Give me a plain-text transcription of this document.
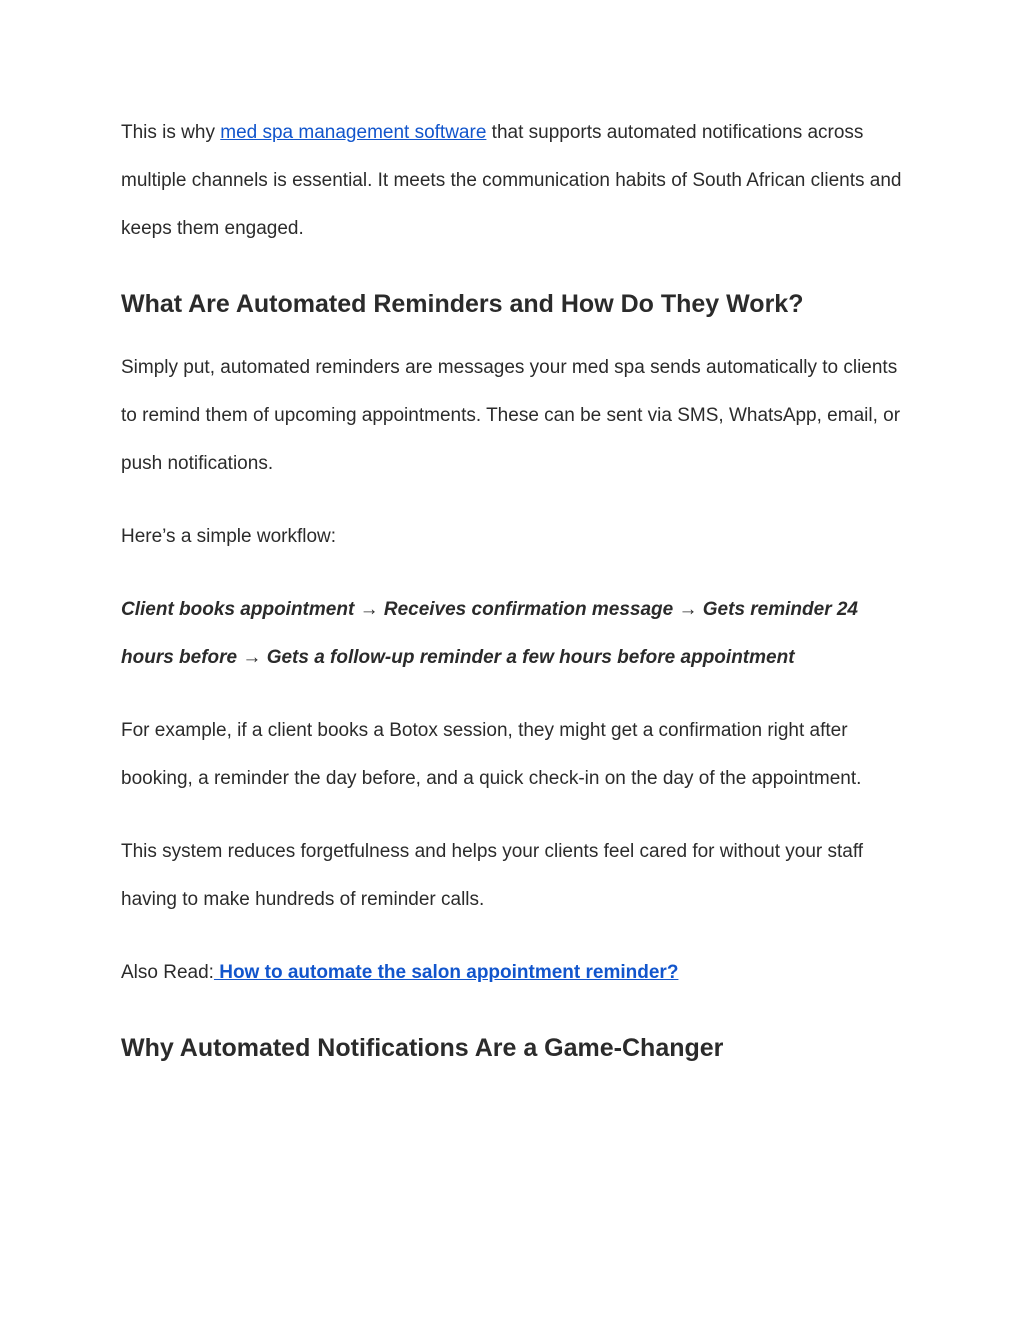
This is why med spa management software that supports automated notifications across multiple channels is essential. It meets the communication habits of South African clients and keeps them engaged.

What Are Automated Reminders and How Do They Work?

Simply put, automated reminders are messages your med spa sends automatically to clients to remind them of upcoming appointments. These can be sent via SMS, WhatsApp, email, or push notifications.

Here’s a simple workflow:

Client books appointment → Receives confirmation message → Gets reminder 24 hours before → Gets a follow-up reminder a few hours before appointment

For example, if a client books a Botox session, they might get a confirmation right after booking, a reminder the day before, and a quick check-in on the day of the appointment.

This system reduces forgetfulness and helps your clients feel cared for without your staff having to make hundreds of reminder calls.

Also Read: How to automate the salon appointment reminder?

Why Automated Notifications Are a Game-Changer
